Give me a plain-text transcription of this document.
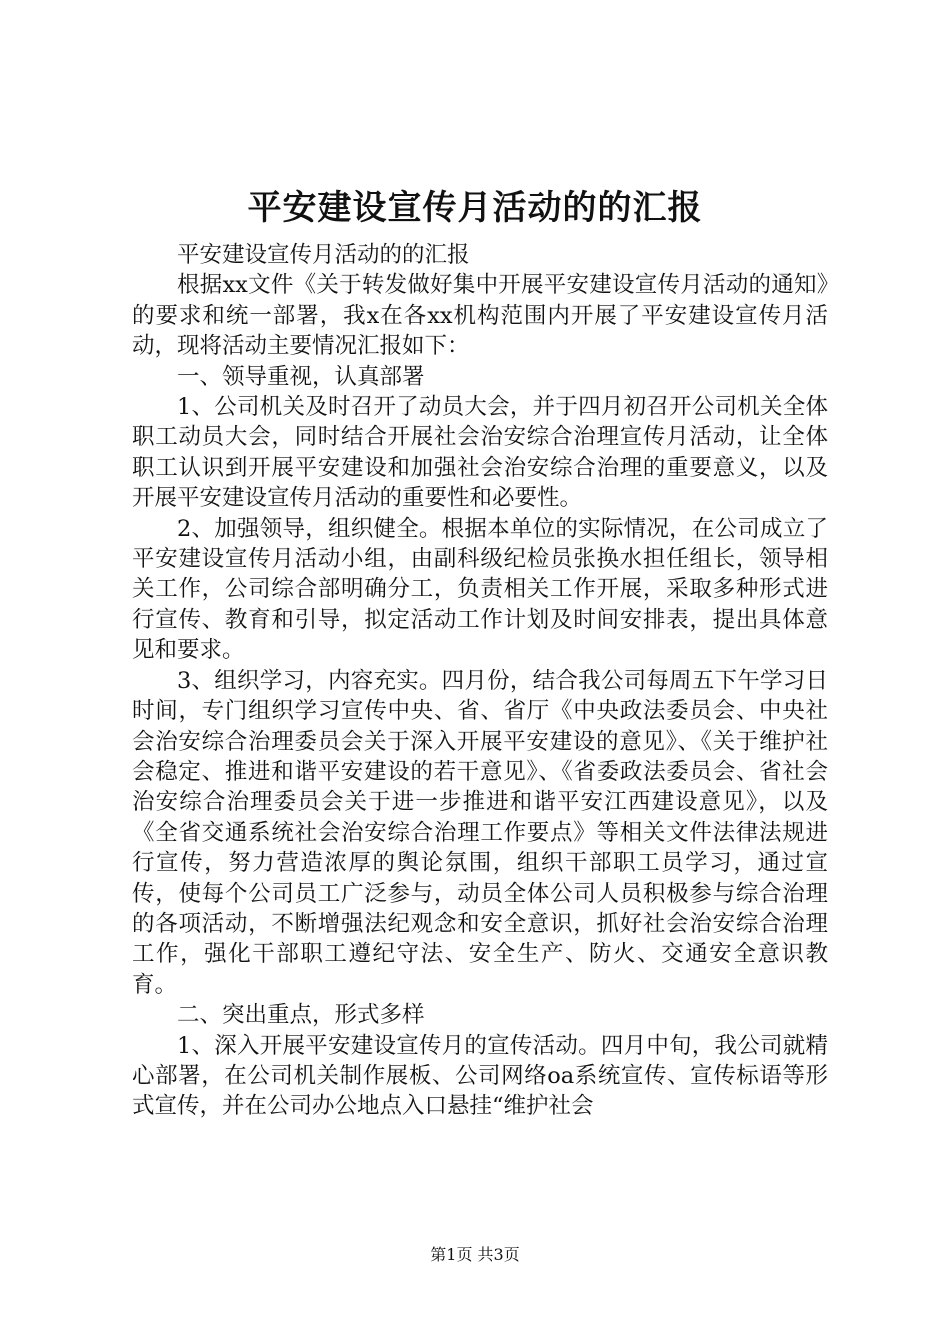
平安建设宣传月活动的的汇报

平安建设宣传月活动的的汇报

根据xx文件《关于转发做好集中开展平安建设宣传月活动的通知》的要求和统一部署，我x在各xx机构范围内开展了平安建设宣传月活动，现将活动主要情况汇报如下：

一、领导重视，认真部署

1、公司机关及时召开了动员大会，并于四月初召开公司机关全体职工动员大会，同时结合开展社会治安综合治理宣传月活动，让全体职工认识到开展平安建设和加强社会治安综合治理的重要意义，以及开展平安建设宣传月活动的重要性和必要性。

2、加强领导，组织健全。根据本单位的实际情况，在公司成立了平安建设宣传月活动小组，由副科级纪检员张换水担任组长，领导相关工作，公司综合部明确分工，负责相关工作开展，采取多种形式进行宣传、教育和引导，拟定活动工作计划及时间安排表，提出具体意见和要求。

3、组织学习，内容充实。四月份，结合我公司每周五下午学习日时间，专门组织学习宣传中央、省、省厅《中央政法委员会、中央社会治安综合治理委员会关于深入开展平安建设的意见》、《关于维护社会稳定、推进和谐平安建设的若干意见》、《省委政法委员会、省社会治安综合治理委员会关于进一步推进和谐平安江西建设意见》，以及《全省交通系统社会治安综合治理工作要点》等相关文件法律法规进行宣传，努力营造浓厚的舆论氛围，组织干部职工员学习，通过宣传，使每个公司员工广泛参与，动员全体公司人员积极参与综合治理的各项活动，不断增强法纪观念和安全意识，抓好社会治安综合治理工作，强化干部职工遵纪守法、安全生产、防火、交通安全意识教育。

二、突出重点，形式多样

1、深入开展平安建设宣传月的宣传活动。四月中旬，我公司就精心部署，在公司机关制作展板、公司网络oa系统宣传、宣传标语等形式宣传，并在公司办公地点入口悬挂“维护社会

第1页 共3页
